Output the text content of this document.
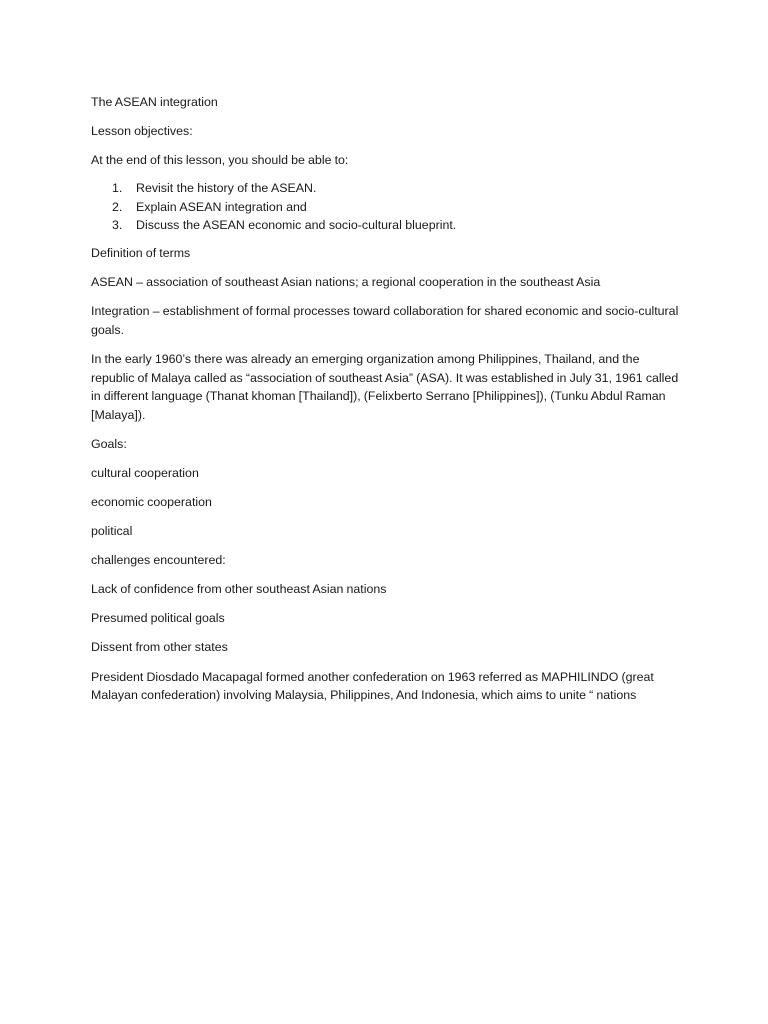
The ASEAN integration

Lesson objectives:

At the end of this lesson, you should be able to:

1. Revisit the history of the ASEAN.
2. Explain ASEAN integration and
3. Discuss the ASEAN economic and socio-cultural blueprint.

Definition of terms

ASEAN – association of southeast Asian nations; a regional cooperation in the southeast Asia

Integration – establishment of formal processes toward collaboration for shared economic and socio-cultural goals.

In the early 1960’s there was already an emerging organization among Philippines, Thailand, and the republic of Malaya called as “association of southeast Asia” (ASA). It was established in July 31, 1961 called in different language (Thanat khoman [Thailand]), (Felixberto Serrano [Philippines]), (Tunku Abdul Raman [Malaya]).

Goals:

cultural cooperation

economic cooperation

political

challenges encountered:

Lack of confidence from other southeast Asian nations

Presumed political goals

Dissent from other states

President Diosdado Macapagal formed another confederation on 1963 referred as MAPHILINDO (great Malayan confederation) involving Malaysia, Philippines, And Indonesia, which aims to unite “ nations
